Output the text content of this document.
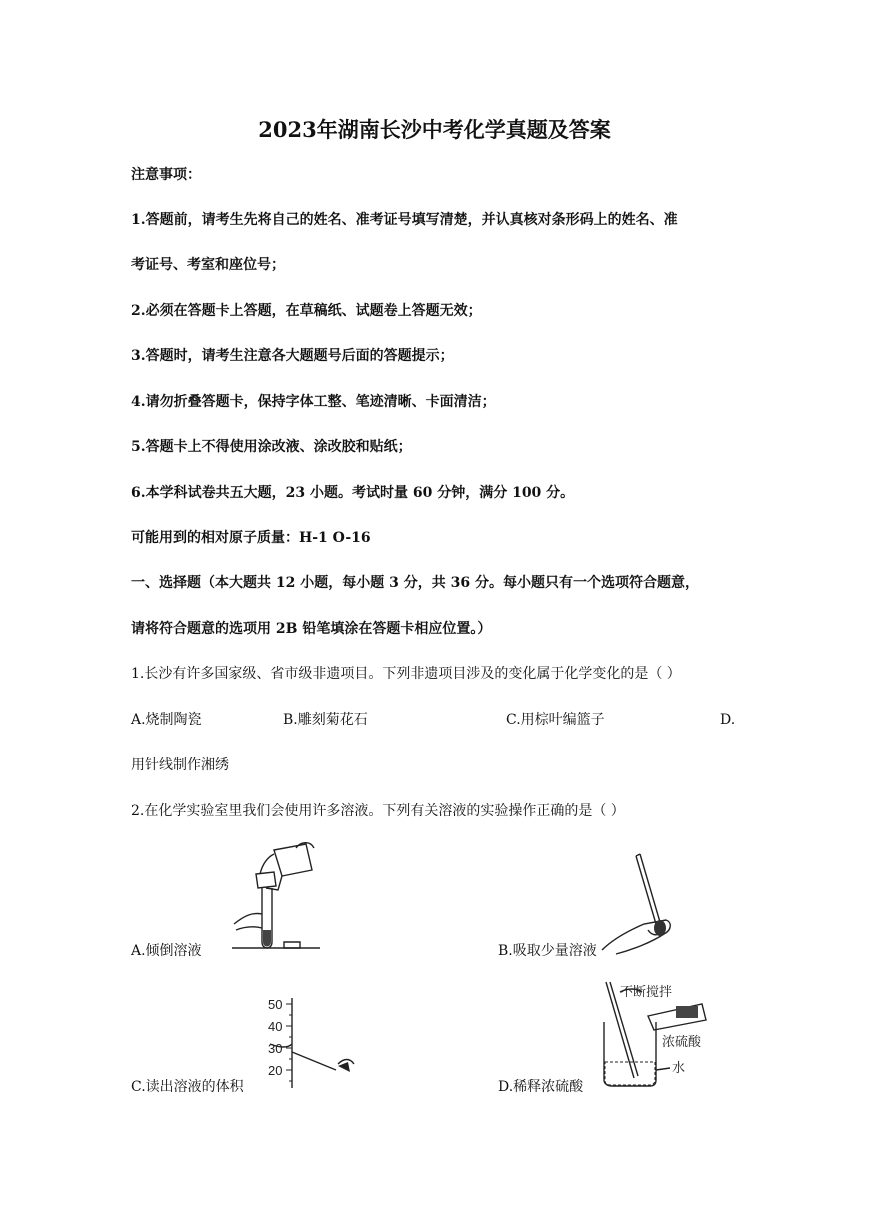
2023年湖南长沙中考化学真题及答案
注意事项：
1.答题前，请考生先将自己的姓名、准考证号填写清楚，并认真核对条形码上的姓名、准
考证号、考室和座位号；
2.必须在答题卡上答题，在草稿纸、试题卷上答题无效；
3.答题时，请考生注意各大题题号后面的答题提示；
4.请勿折叠答题卡，保持字体工整、笔迹清晰、卡面清洁；
5.答题卡上不得使用涂改液、涂改胶和贴纸；
6.本学科试卷共五大题，23 小题。考试时量 60 分钟，满分 100 分。
可能用到的相对原子质量：H-1 O-16
一、选择题（本大题共 12 小题，每小题 3 分，共 36 分。每小题只有一个选项符合题意，
请将符合题意的选项用 2B 铅笔填涂在答题卡相应位置。）
1.长沙有许多国家级、省市级非遗项目。下列非遗项目涉及的变化属于化学变化的是（ ）
A.烧制陶瓷	B.雕刻菊花石	C.用棕叶编篮子	D.
用针线制作湘绣
2.在化学实验室里我们会使用许多溶液。下列有关溶液的实验操作正确的是（ ）
A.倾倒溶液	B.吸取少量溶液
50
40
30
20
C.读出溶液的体积
不断搅拌
浓硫酸
水
D.稀释浓硫酸
